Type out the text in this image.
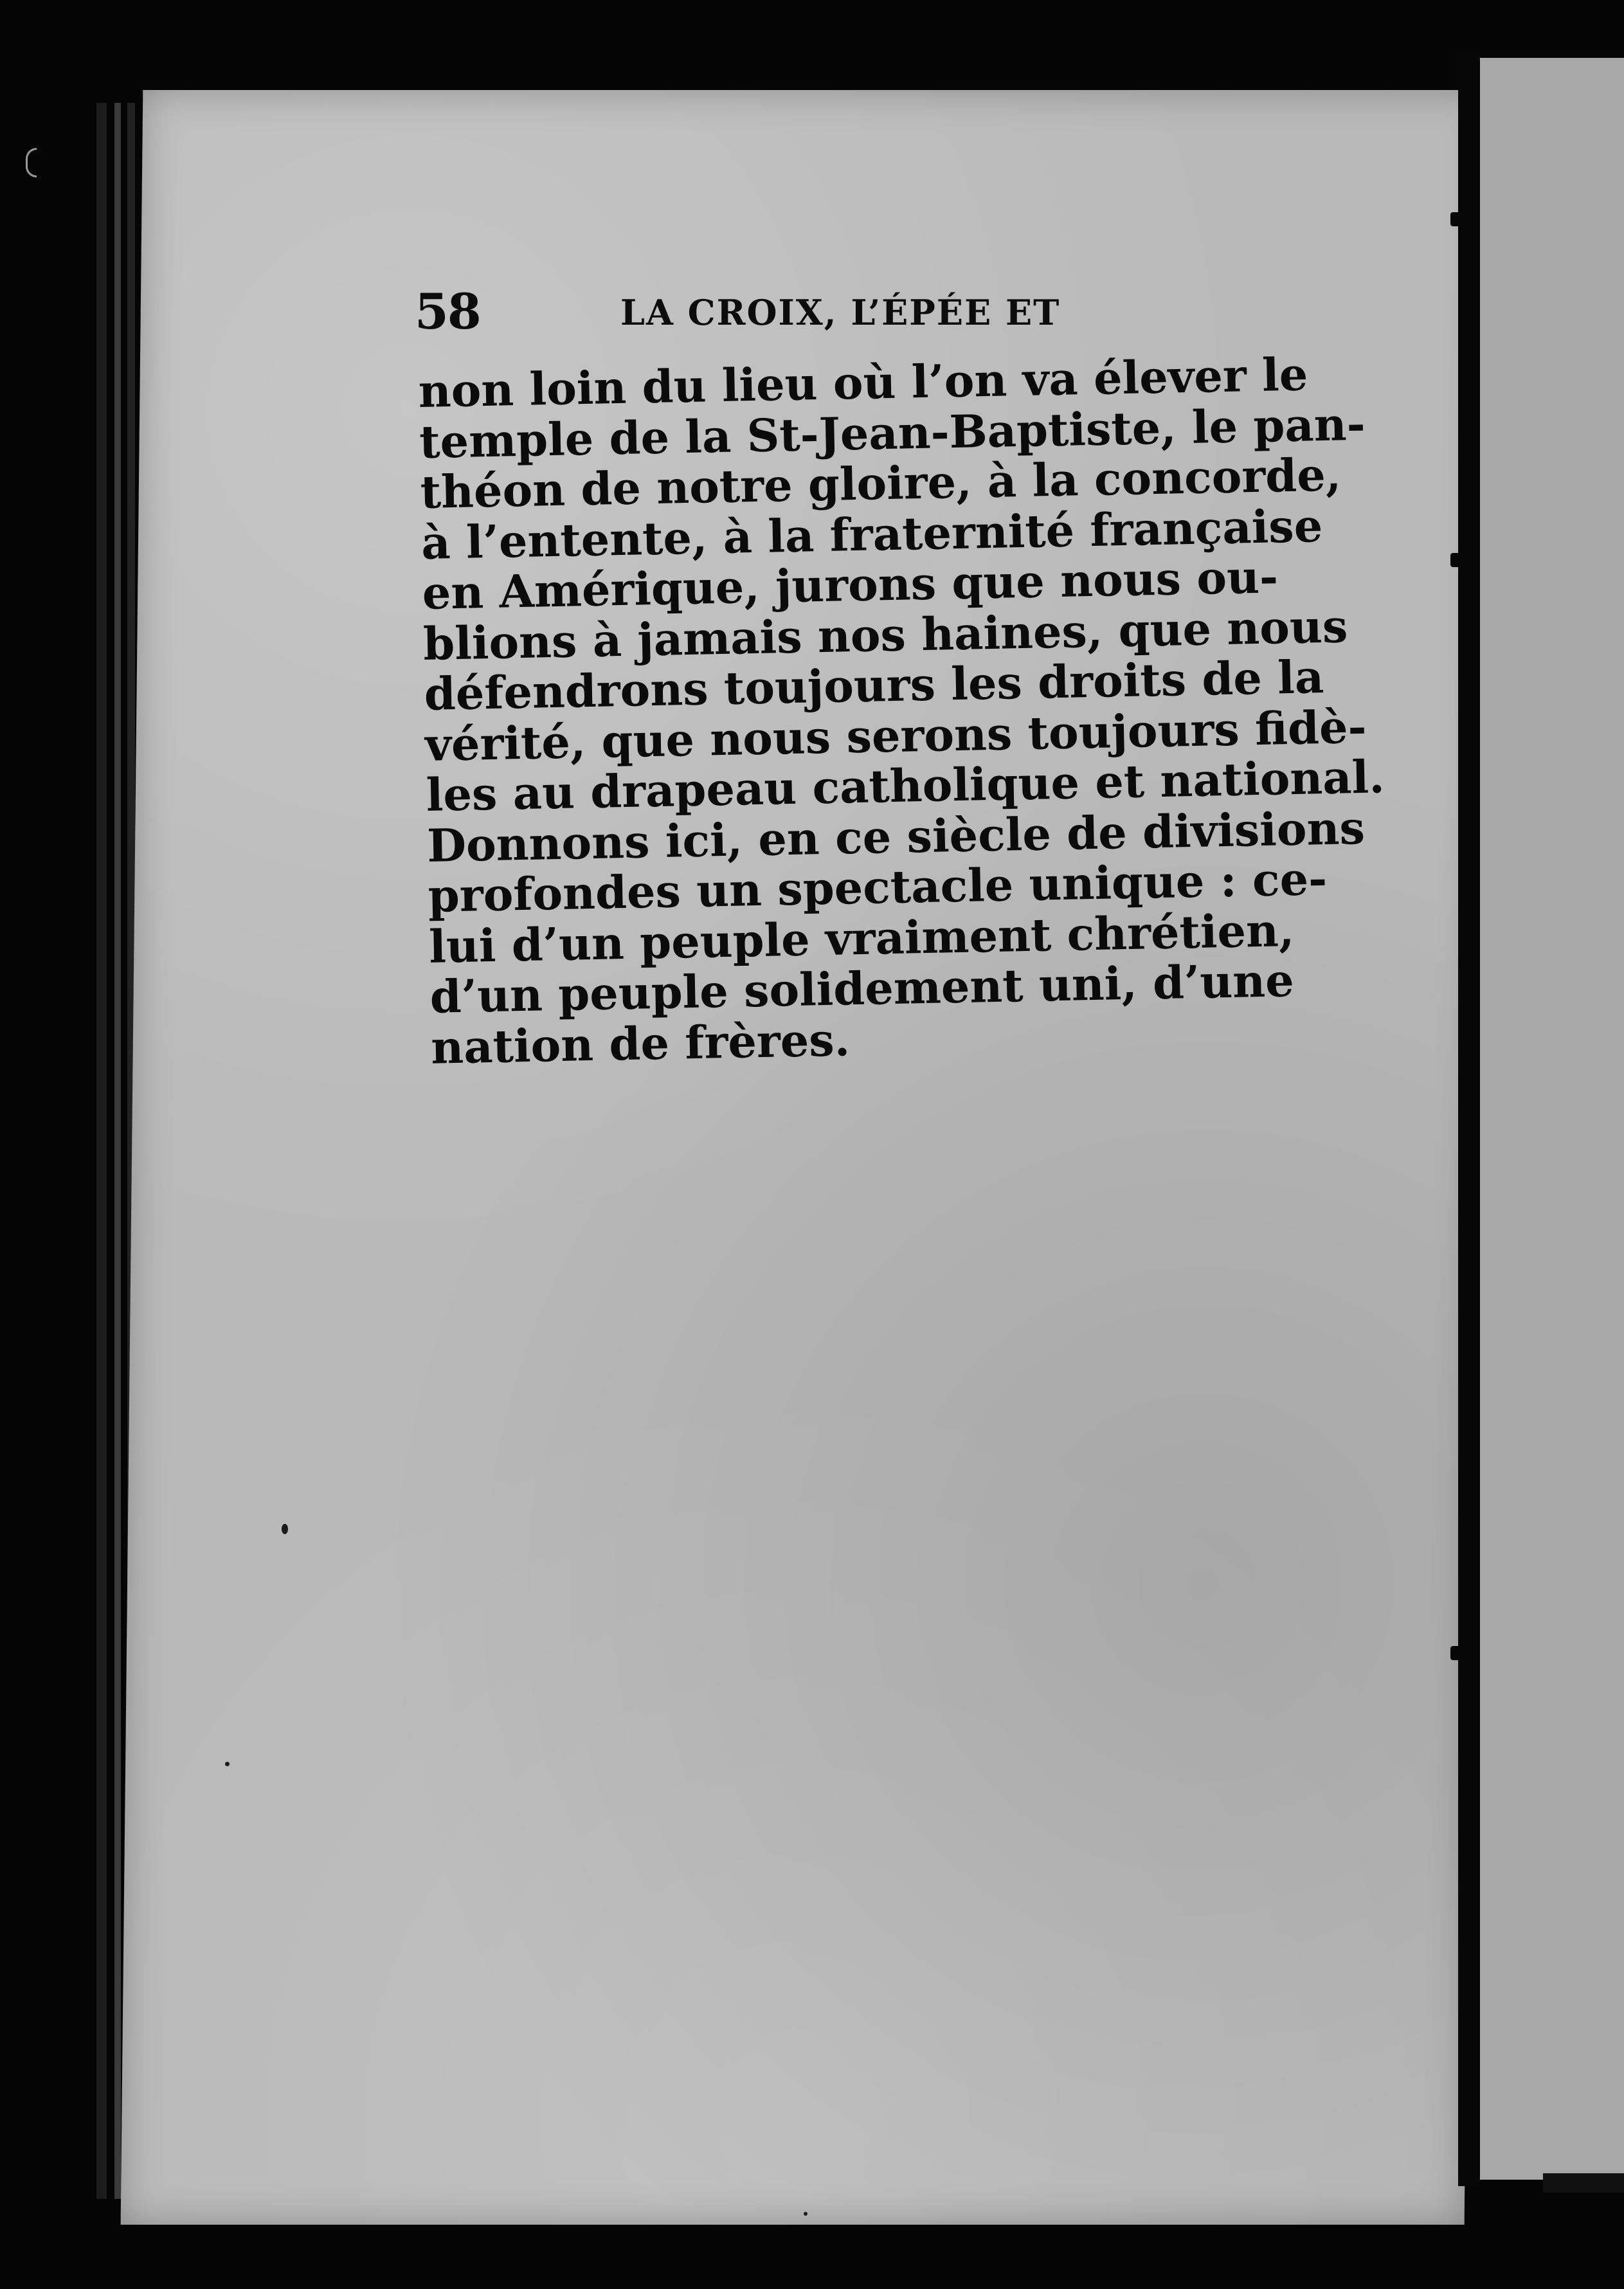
58	LA CROIX, L’ÉPÉE ET
non loin du lieu où l’on va élever le
temple de la St-Jean-Baptiste, le pan-
théon de notre gloire, à la concorde,
à l’entente, à la fraternité française
en Amérique, jurons que nous ou-
blions à jamais nos haines, que nous
défendrons toujours les droits de la
vérité, que nous serons toujours fidè-
les au drapeau catholique et national.
Donnons ici, en ce siècle de divisions
profondes un spectacle unique : ce-
lui d’un peuple vraiment chrétien,
d’un peuple solidement uni, d’une
nation de frères.
